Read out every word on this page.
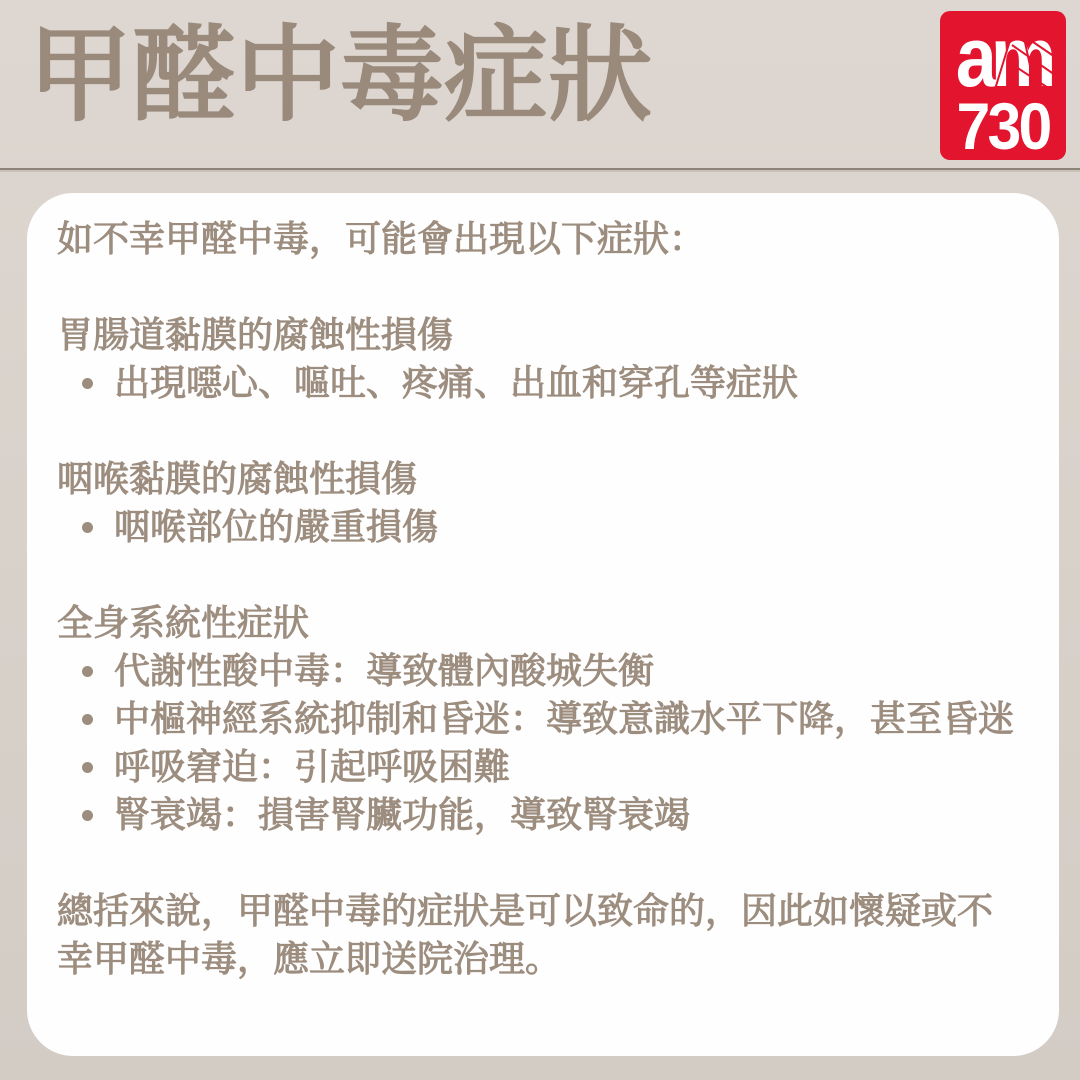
甲醛中毒症狀	am
730
如不幸甲醛中毒，可能會出現以下症狀：
胃腸道黏膜的腐蝕性損傷
出現噁心、嘔吐、疼痛、出血和穿孔等症狀
咽喉黏膜的腐蝕性損傷
咽喉部位的嚴重損傷
全身系統性症狀
代謝性酸中毒：導致體內酸城失衡
中樞神經系統抑制和昏迷：導致意識水平下降，甚至昏迷
呼吸窘迫：引起呼吸困難
腎衰竭：損害腎臟功能，導致腎衰竭
總括來說，甲醛中毒的症狀是可以致命的，因此如懷疑或不幸甲醛中毒，應立即送院治理。
